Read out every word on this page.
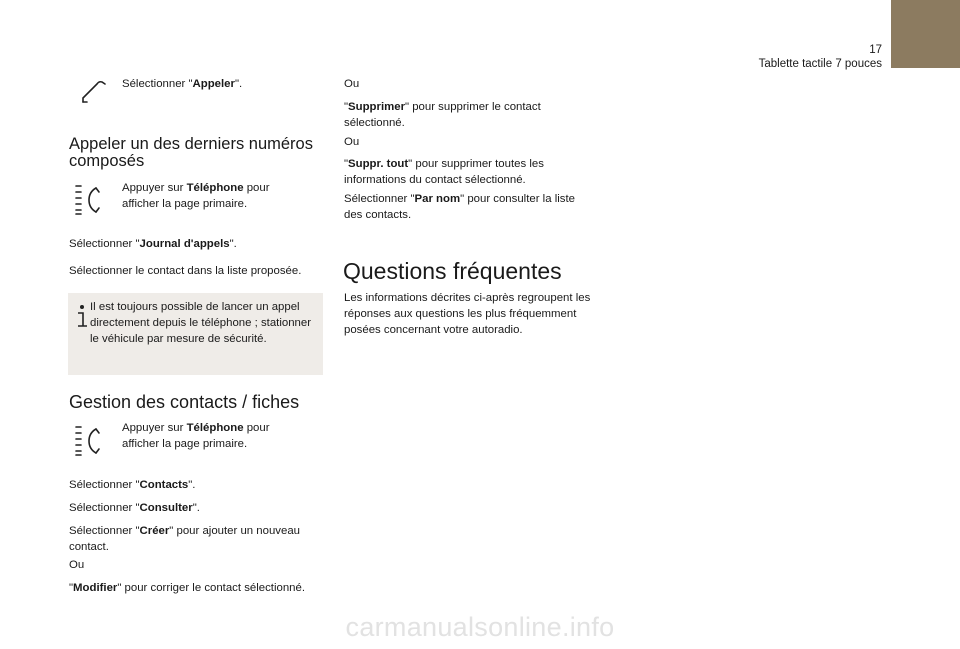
17
Tablette tactile 7 pouces

Sélectionner "Appeler".

Appeler un des derniers numéros composés

Appuyer sur Téléphone pour afficher la page primaire.

Sélectionner "Journal d'appels".

Sélectionner le contact dans la liste proposée.

Il est toujours possible de lancer un appel directement depuis le téléphone ; stationner le véhicule par mesure de sécurité.

Gestion des contacts / fiches

Appuyer sur Téléphone pour afficher la page primaire.

Sélectionner "Contacts".

Sélectionner "Consulter".

Sélectionner "Créer" pour ajouter un nouveau contact.

Ou

"Modifier" pour corriger le contact sélectionné.

Ou

"Supprimer" pour supprimer le contact sélectionné.

Ou

"Suppr. tout" pour supprimer toutes les informations du contact sélectionné.

Sélectionner "Par nom" pour consulter la liste des contacts.

Questions fréquentes

Les informations décrites ci-après regroupent les réponses aux questions les plus fréquemment posées concernant votre autoradio.

carmanualsonline.info
